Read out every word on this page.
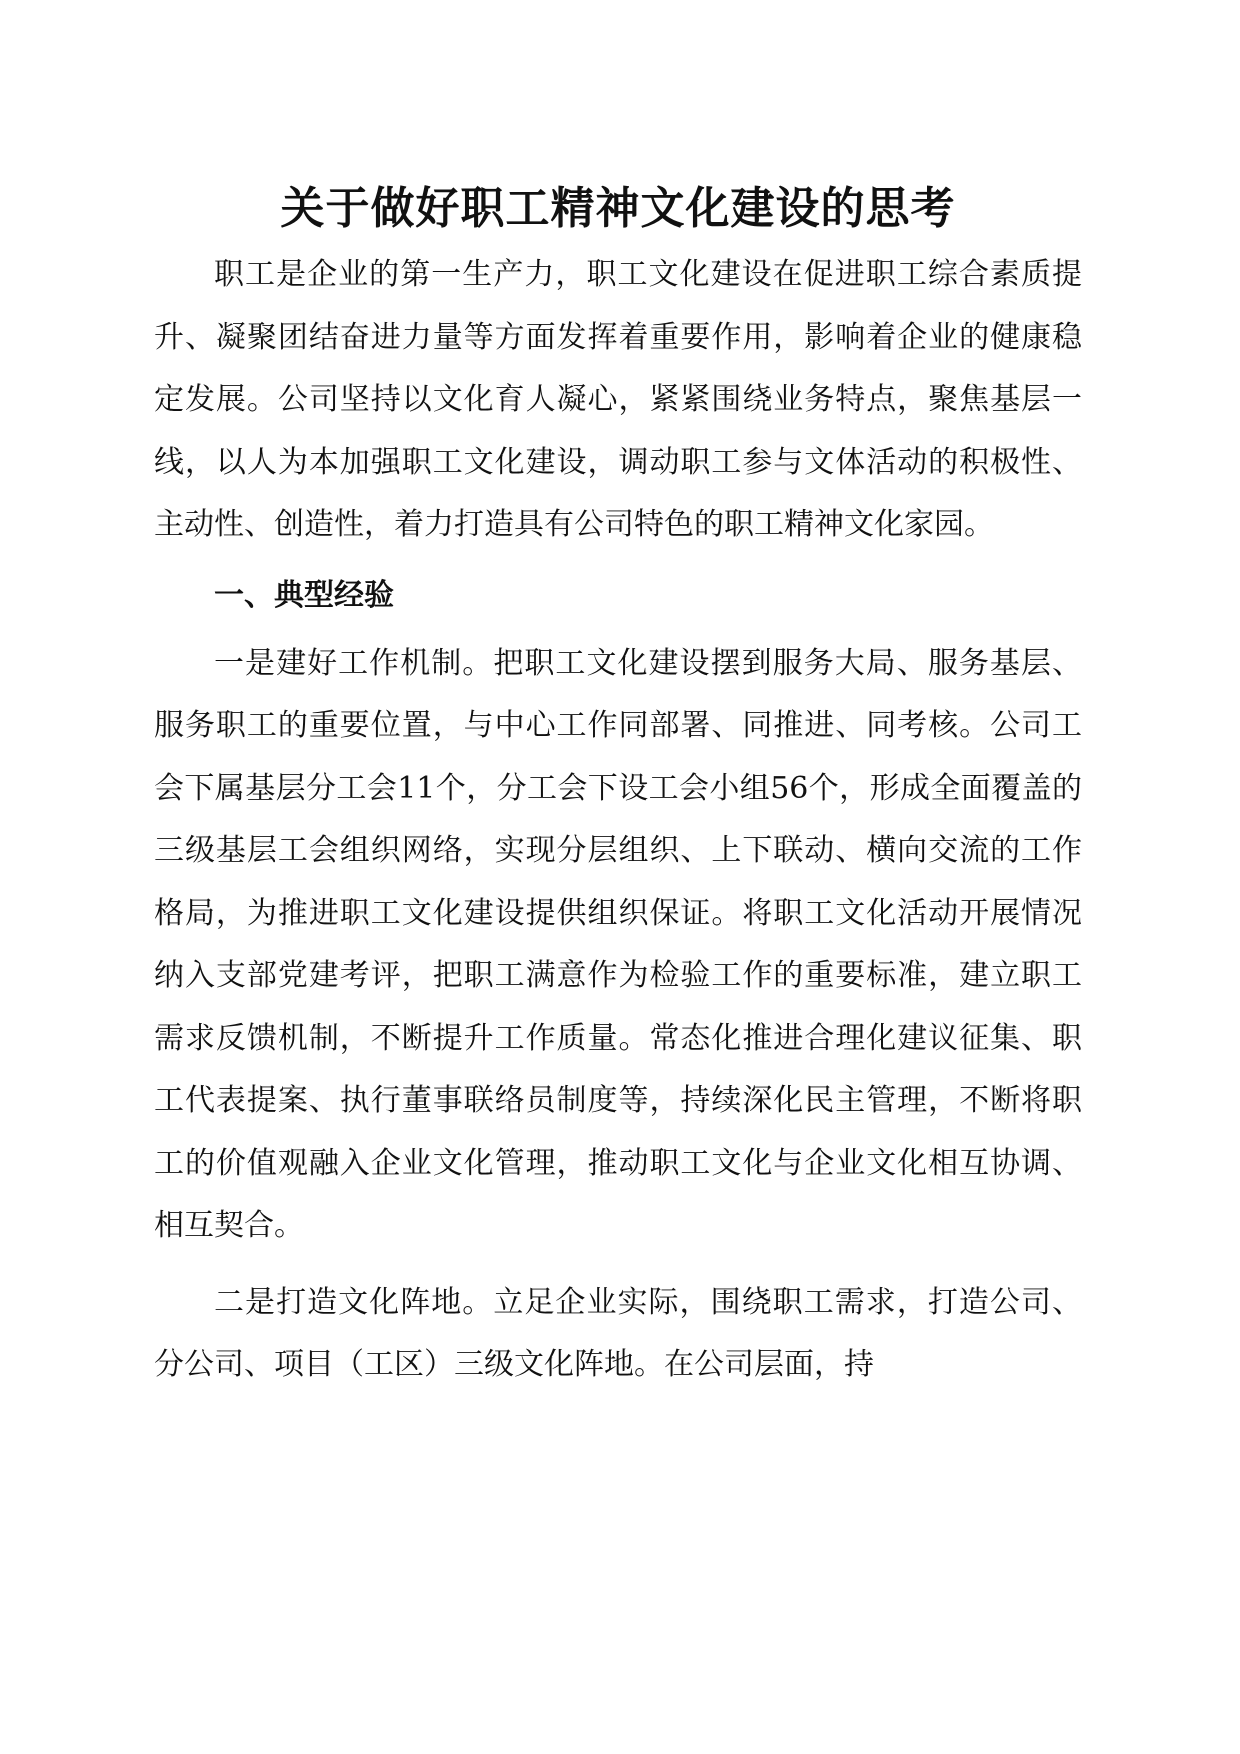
关于做好职工精神文化建设的思考

职工是企业的第一生产力，职工文化建设在促进职工综合素质提升、凝聚团结奋进力量等方面发挥着重要作用，影响着企业的健康稳定发展。公司坚持以文化育人凝心，紧紧围绕业务特点，聚焦基层一线，以人为本加强职工文化建设，调动职工参与文体活动的积极性、主动性、创造性，着力打造具有公司特色的职工精神文化家园。

一、典型经验

一是建好工作机制。把职工文化建设摆到服务大局、服务基层、服务职工的重要位置，与中心工作同部署、同推进、同考核。公司工会下属基层分工会11个，分工会下设工会小组56个，形成全面覆盖的三级基层工会组织网络，实现分层组织、上下联动、横向交流的工作格局，为推进职工文化建设提供组织保证。将职工文化活动开展情况纳入支部党建考评，把职工满意作为检验工作的重要标准，建立职工需求反馈机制，不断提升工作质量。常态化推进合理化建议征集、职工代表提案、执行董事联络员制度等，持续深化民主管理，不断将职工的价值观融入企业文化管理，推动职工文化与企业文化相互协调、相互契合。

二是打造文化阵地。立足企业实际，围绕职工需求，打造公司、分公司、项目（工区）三级文化阵地。在公司层面，持
